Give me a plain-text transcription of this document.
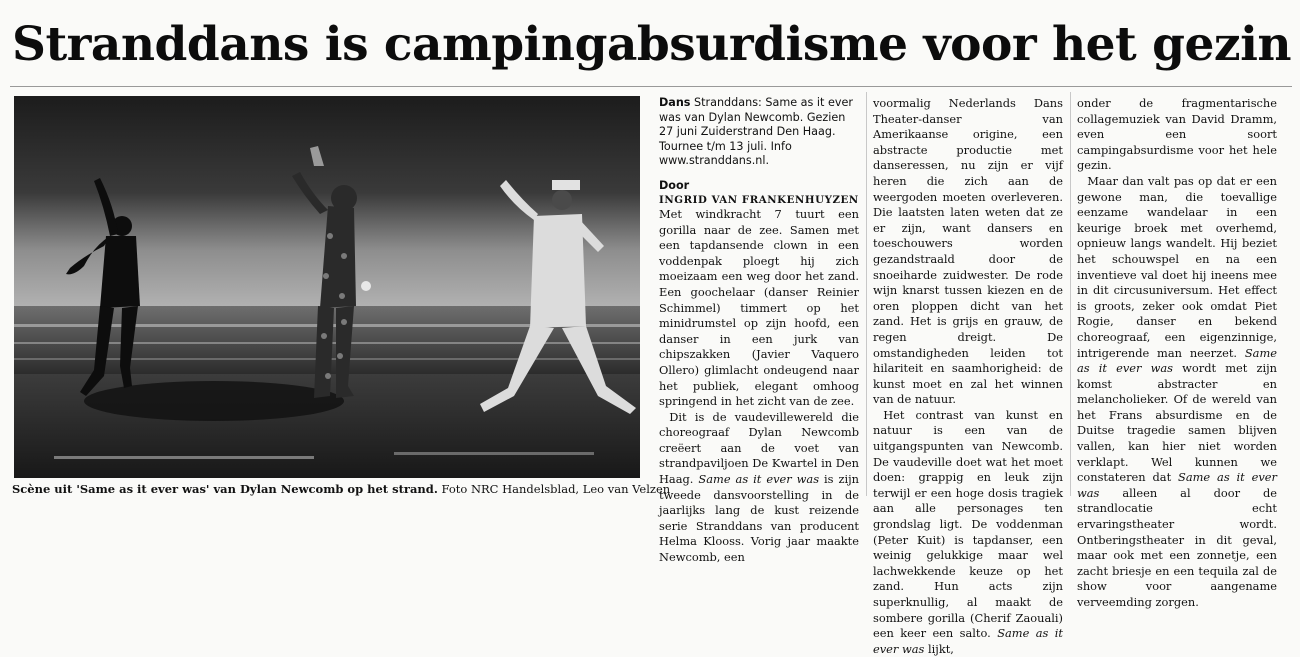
Stranddans is campingabsurdisme voor het gezin
Scène uit 'Same as it ever was' van Dylan Newcomb op het strand. Foto NRC Handelsblad, Leo van Velzen
Dans Stranddans: Same as it ever was van Dylan Newcomb. Gezien 27 juni Zuiderstrand Den Haag. Tournee t/m 13 juli. Info www.stranddans.nl.
Door
INGRID VAN FRANKENHUYZEN

Met windkracht 7 tuurt een gorilla naar de zee. Samen met een tapdansende clown in een voddenpak ploegt hij zich moeizaam een weg door het zand. Een goochelaar (danser Reinier Schimmel) timmert op het minidrumstel op zijn hoofd, een danser in een jurk van chipszakken (Javier Vaquero Ollero) glimlacht ondeugend naar het publiek, elegant omhoog springend in het zicht van de zee.

Dit is de vaudevillewereld die choreograaf Dylan Newcomb creëert aan de voet van strandpaviljoen De Kwartel in Den Haag. Same as it ever was is zijn tweede dansvoorstelling in de jaarlijks lang de kust reizende serie Stranddans van producent Helma Klooss. Vorig jaar maakte Newcomb, een

voormalig Nederlands Dans Theater-danser van Amerikaanse origine, een abstracte productie met danseressen, nu zijn er vijf heren die zich aan de weergoden moeten overleveren. Die laatsten laten weten dat ze er zijn, want dansers en toeschouwers worden gezandstraald door de snoeiharde zuidwester. De rode wijn knarst tussen kiezen en de oren ploppen dicht van het zand. Het is grijs en grauw, de regen dreigt. De omstandigheden leiden tot hilariteit en saamhorigheid: de kunst moet en zal het winnen van de natuur.

Het contrast van kunst en natuur is een van de uitgangspunten van Newcomb. De vaudeville doet wat het moet doen: grappig en leuk zijn terwijl er een hoge dosis tragiek aan alle personages ten grondslag ligt. De voddenman (Peter Kuit) is tapdanser, een weinig gelukkige maar wel lachwekkende keuze op het zand. Hun acts zijn superknullig, al maakt de sombere gorilla (Cherif Zaouali) een keer een salto. Same as it ever was lijkt,

onder de fragmentarische collagemuziek van David Dramm, even een soort campingabsurdisme voor het hele gezin.

Maar dan valt pas op dat er een gewone man, die toevallige eenzame wandelaar in een keurige broek met overhemd, opnieuw langs wandelt. Hij beziet het schouwspel en na een inventieve val doet hij ineens mee in dit circusuniversum. Het effect is groots, zeker ook omdat Piet Rogie, danser en bekend choreograaf, een eigenzinnige, intrigerende man neerzet. Same as it ever was wordt met zijn komst abstracter en melancholieker. Of de wereld van het Frans absurdisme en de Duitse tragedie samen blijven vallen, kan hier niet worden verklapt. Wel kunnen we constateren dat Same as it ever was alleen al door de strandlocatie echt ervaringstheater wordt. Ontberingstheater in dit geval, maar ook met een zonnetje, een zacht briesje en een tequila zal de show voor aangename verveemding zorgen.
